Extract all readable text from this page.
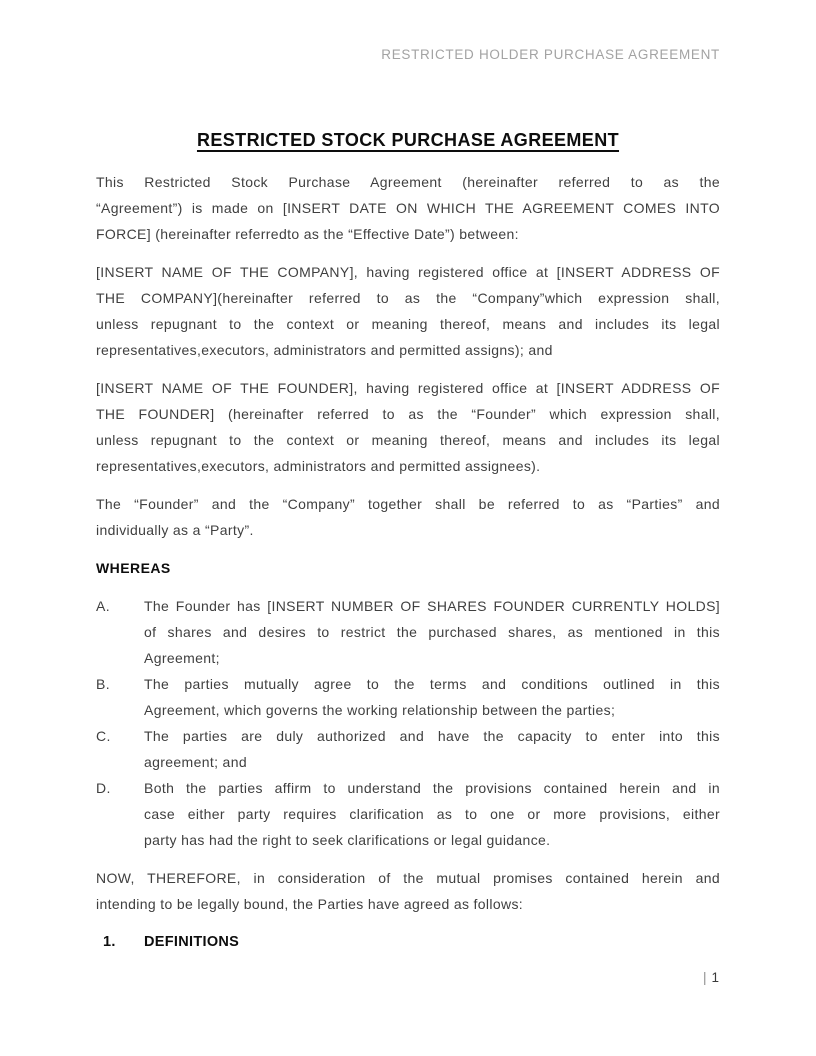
RESTRICTED HOLDER PURCHASE AGREEMENT
RESTRICTED STOCK PURCHASE AGREEMENT
This Restricted Stock Purchase Agreement (hereinafter referred to as the
“Agreement”) is made on [INSERT DATE ON WHICH THE AGREEMENT COMES INTO
FORCE] (hereinafter referredto as the “Effective Date”) between:
[INSERT NAME OF THE COMPANY], having registered office at [INSERT ADDRESS OF
THE COMPANY](hereinafter referred to as the “Company”which expression shall,
unless repugnant to the context or meaning thereof, means and includes its legal
representatives,executors, administrators and permitted assigns); and
[INSERT NAME OF THE FOUNDER], having registered office at [INSERT ADDRESS OF
THE FOUNDER] (hereinafter referred to as the “Founder” which expression shall,
unless repugnant to the context or meaning thereof, means and includes its legal
representatives,executors, administrators and permitted assignees).
The “Founder” and the “Company” together shall be referred to as “Parties” and
individually as a “Party”.
WHEREAS
A.	The Founder has [INSERT NUMBER OF SHARES FOUNDER CURRENTLY HOLDS]
of shares and desires to restrict the purchased shares, as mentioned in this
Agreement;
B.	The parties mutually agree to the terms and conditions outlined in this
Agreement, which governs the working relationship between the parties;
C.	The parties are duly authorized and have the capacity to enter into this
agreement; and
D.	Both the parties affirm to understand the provisions contained herein and in
case either party requires clarification as to one or more provisions, either
party has had the right to seek clarifications or legal guidance.
NOW, THEREFORE, in consideration of the mutual promises contained herein and
intending to be legally bound, the Parties have agreed as follows:
1.	DEFINITIONS
| 1
